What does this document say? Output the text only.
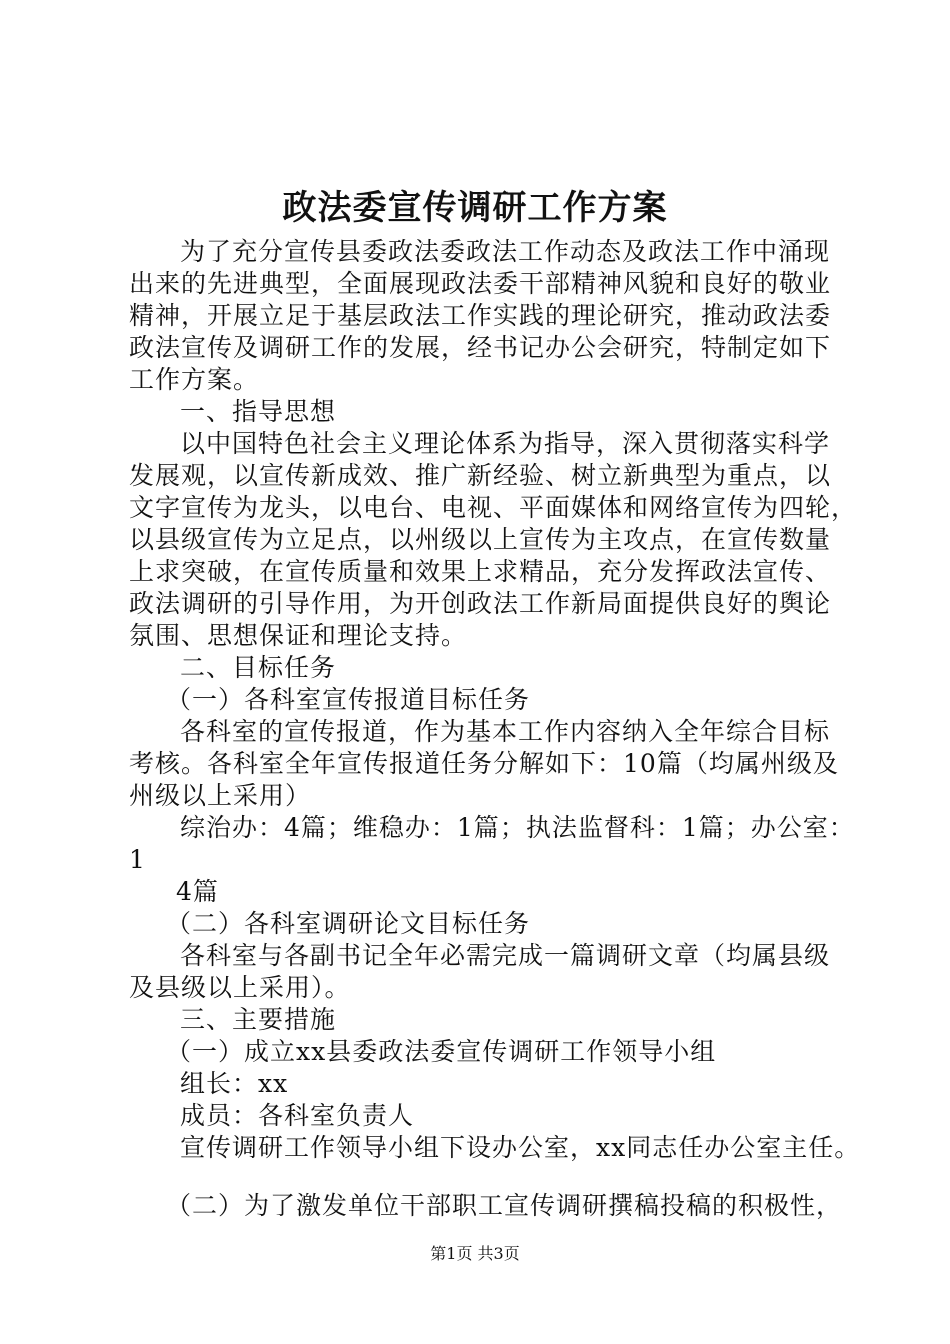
政法委宣传调研工作方案
为了充分宣传县委政法委政法工作动态及政法工作中涌现
出来的先进典型，全面展现政法委干部精神风貌和良好的敬业
精神，开展立足于基层政法工作实践的理论研究，推动政法委
政法宣传及调研工作的发展，经书记办公会研究，特制定如下
工作方案。
一、指导思想
以中国特色社会主义理论体系为指导，深入贯彻落实科学
发展观，以宣传新成效、推广新经验、树立新典型为重点，以
文字宣传为龙头，以电台、电视、平面媒体和网络宣传为四轮，
以县级宣传为立足点，以州级以上宣传为主攻点，在宣传数量
上求突破，在宣传质量和效果上求精品，充分发挥政法宣传、
政法调研的引导作用，为开创政法工作新局面提供良好的舆论
氛围、思想保证和理论支持。
二、目标任务
（一）各科室宣传报道目标任务
各科室的宣传报道，作为基本工作内容纳入全年综合目标
考核。各科室全年宣传报道任务分解如下：10篇（均属州级及
州级以上采用）
综治办：4篇；维稳办：1篇；执法监督科：1篇；办公室：
1
4篇
（二）各科室调研论文目标任务
各科室与各副书记全年必需完成一篇调研文章（均属县级
及县级以上采用）。
三、主要措施
（一）成立xx县委政法委宣传调研工作领导小组
组长：xx
成员：各科室负责人
宣传调研工作领导小组下设办公室，xx同志任办公室主任。
（二）为了激发单位干部职工宣传调研撰稿投稿的积极性，
第1页 共3页
